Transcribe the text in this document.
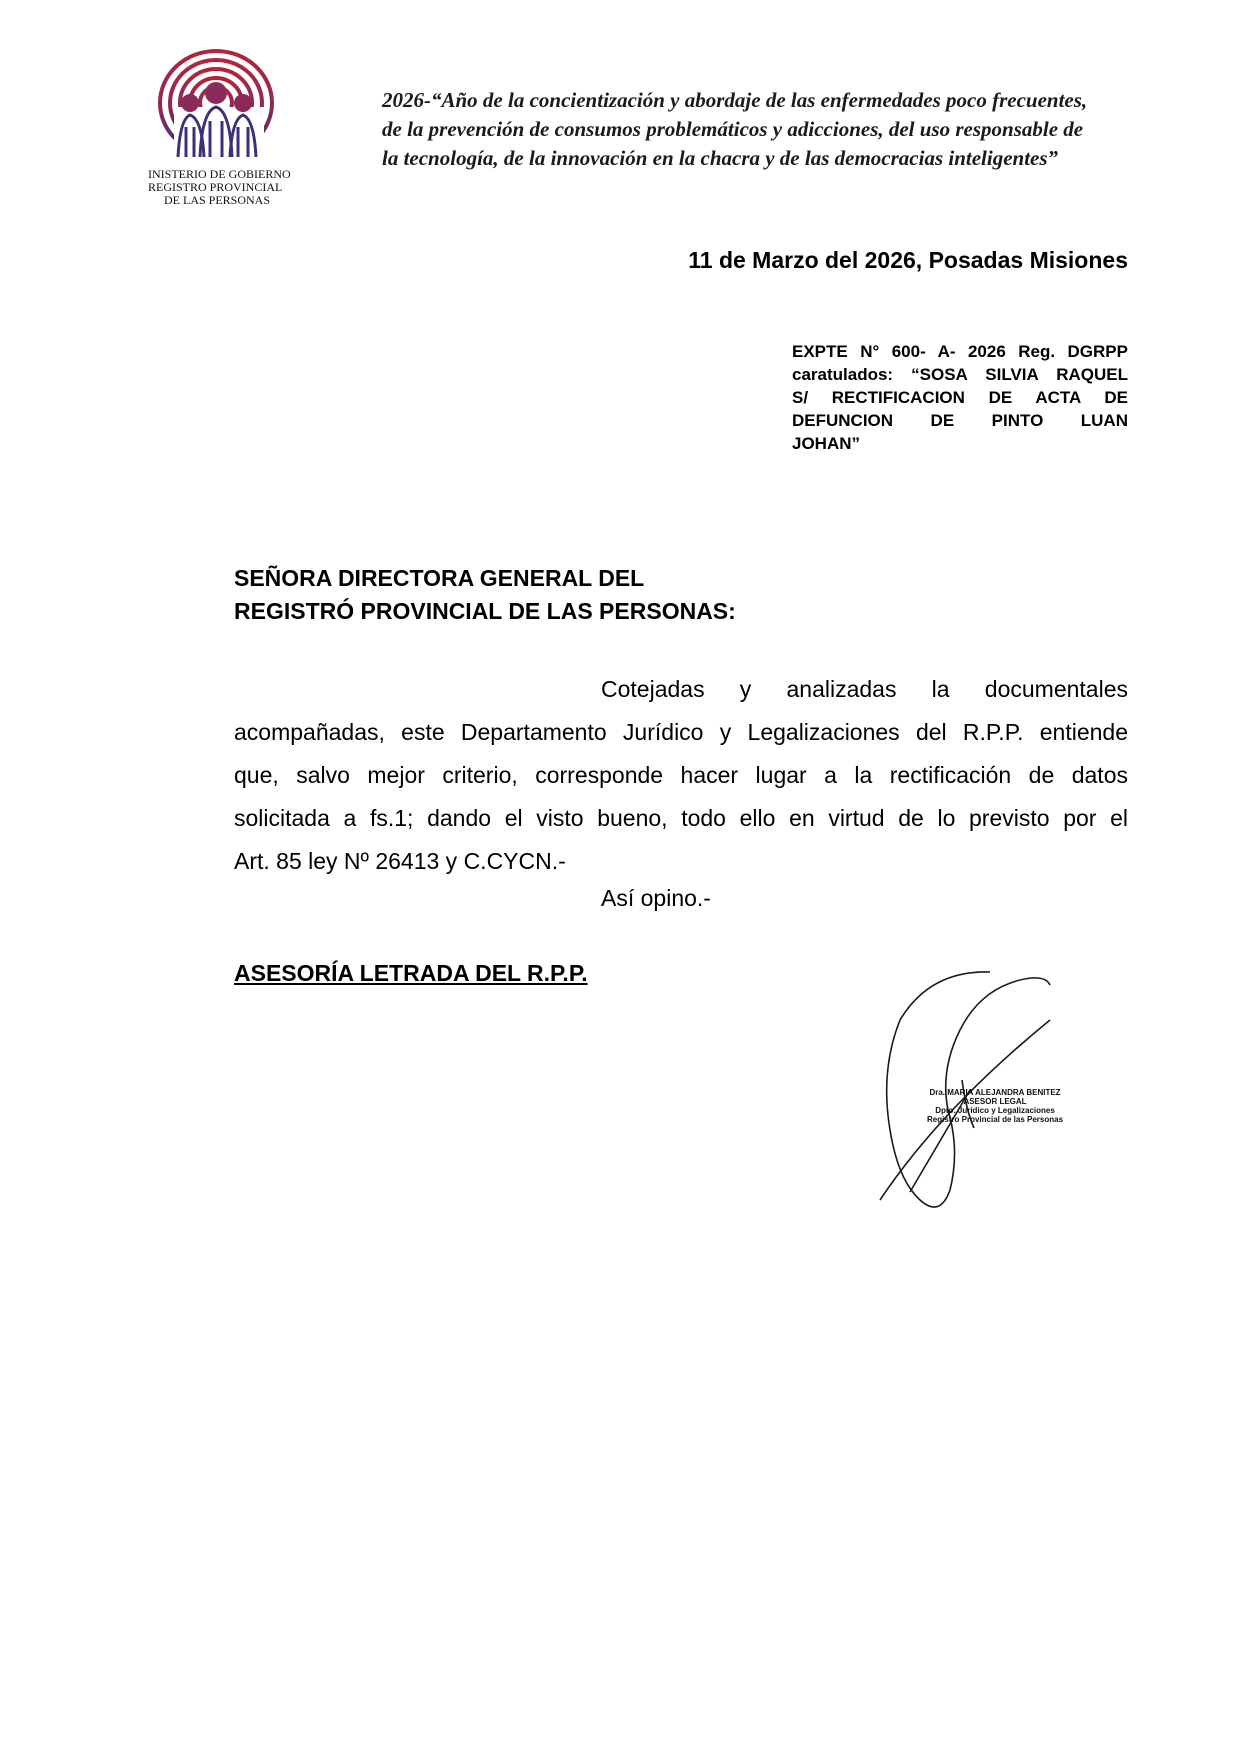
INISTERIO DE GOBIERNO
REGISTRO PROVINCIAL
DE LAS PERSONAS
2026-“Año de la concientización y abordaje de las enfermedades poco frecuentes,
de la prevención de consumos problemáticos y adicciones, del uso responsable de
la tecnología, de la innovación en la chacra y de las democracias inteligentes”
11 de Marzo del 2026, Posadas Misiones
EXPTE N° 600- A- 2026 Reg. DGRPP
caratulados: “SOSA SILVIA RAQUEL
S/ RECTIFICACION DE ACTA DE
DEFUNCION DE PINTO LUAN
JOHAN”
SEÑORA DIRECTORA GENERAL DEL
REGISTRÓ PROVINCIAL DE LAS PERSONAS:
Cotejadas y analizadas la documentales
acompañadas, este Departamento Jurídico y Legalizaciones del R.P.P. entiende
que, salvo mejor criterio, corresponde hacer lugar a la rectificación de datos
solicitada a fs.1; dando el visto bueno, todo ello en virtud de lo previsto por el
Art. 85 ley Nº 26413 y C.CYCN.-
Así opino.-
ASESORÍA LETRADA DEL R.P.P.
Dra. MARIA ALEJANDRA BENITEZ
ASESOR LEGAL
Dpto. Jurídico y Legalizaciones
Registro Provincial de las Personas
